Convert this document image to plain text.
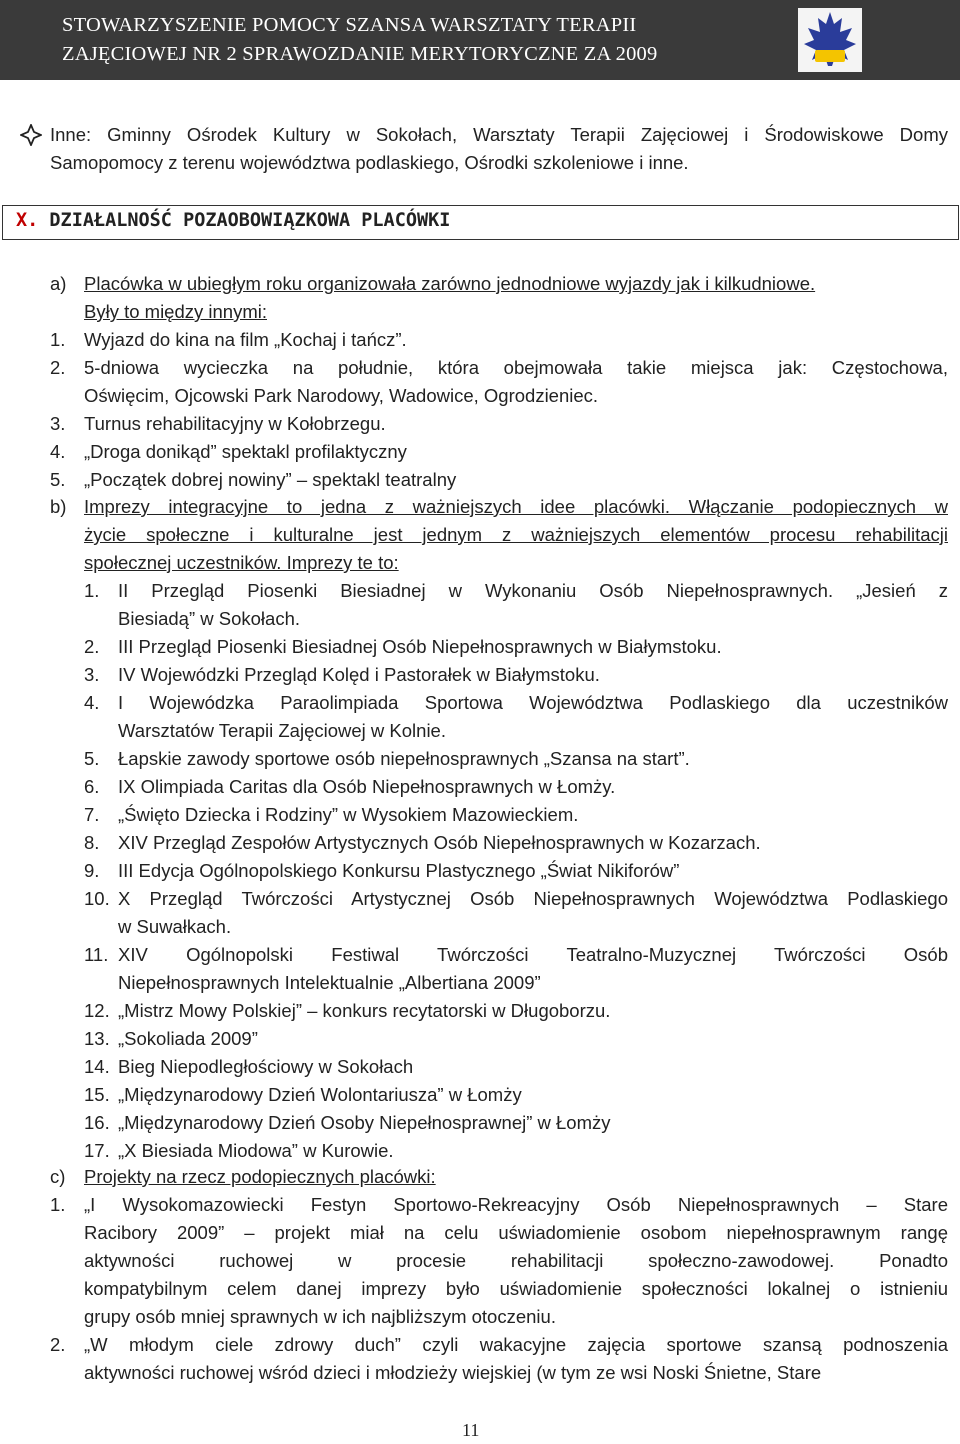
STOWARZYSZENIE POMOCY SZANSA WARSZTATY TERAPII
ZAJĘCIOWEJ NR 2 SPRAWOZDANIE MERYTORYCZNE ZA 2009
Inne: Gminny Ośrodek Kultury w Sokołach, Warsztaty Terapii Zajęciowej i Środowiskowe Domy
Samopomocy z terenu województwa podlaskiego, Ośrodki szkoleniowe i inne.
X. DZIAŁALNOŚĆ POZAOBOWIĄZKOWA PLACÓWKI
a) Placówka w ubiegłym roku organizowała zarówno jednodniowe wyjazdy jak i kilkudniowe.
Były to między innymi:
1. Wyjazd do kina na film „Kochaj i tańcz”.
2. 5-dniowa wycieczka na południe, która obejmowała takie miejsca jak: Częstochowa,
Oświęcim, Ojcowski Park Narodowy, Wadowice, Ogrodzieniec.
3. Turnus rehabilitacyjny w Kołobrzegu.
4. „Droga donikąd” spektakl profilaktyczny
5. „Początek dobrej nowiny” – spektakl teatralny
b) Imprezy integracyjne to jedna z ważniejszych idee placówki. Włączanie podopiecznych w
życie społeczne i kulturalne jest jednym z ważniejszych elementów procesu rehabilitacji
społecznej uczestników. Imprezy te to:
1. II Przegląd Piosenki Biesiadnej w Wykonaniu Osób Niepełnosprawnych. „Jesień z
Biesiadą” w Sokołach.
2. III Przegląd Piosenki Biesiadnej Osób Niepełnosprawnych w Białymstoku.
3. IV Wojewódzki Przegląd Kolęd i Pastorałek w Białymstoku.
4. I Wojewódzka Paraolimpiada Sportowa Województwa Podlaskiego dla uczestników
Warsztatów Terapii Zajęciowej w Kolnie.
5. Łapskie zawody sportowe osób niepełnosprawnych „Szansa na start”.
6. IX Olimpiada Caritas dla Osób Niepełnosprawnych w Łomży.
7. „Święto Dziecka i Rodziny” w Wysokiem Mazowieckiem.
8. XIV Przegląd Zespołów Artystycznych Osób Niepełnosprawnych w Kozarzach.
9. III Edycja Ogólnopolskiego Konkursu Plastycznego „Świat Nikiforów”
10. X Przegląd Twórczości Artystycznej Osób Niepełnosprawnych Województwa Podlaskiego
w Suwałkach.
11. XIV Ogólnopolski Festiwal Twórczości Teatralno-Muzycznej Twórczości Osób
Niepełnosprawnych Intelektualnie „Albertiana 2009”
12. „Mistrz Mowy Polskiej” – konkurs recytatorski w Długoborzu.
13. „Sokoliada 2009”
14. Bieg Niepodległościowy w Sokołach
15. „Międzynarodowy Dzień Wolontariusza” w Łomży
16. „Międzynarodowy Dzień Osoby Niepełnosprawnej” w Łomży
17. „X Biesiada Miodowa” w Kurowie.
c) Projekty na rzecz podopiecznych placówki:
1. „I Wysokomazowiecki Festyn Sportowo-Rekreacyjny Osób Niepełnosprawnych – Stare
Racibory 2009” – projekt miał na celu uświadomienie osobom niepełnosprawnym rangę
aktywności ruchowej w procesie rehabilitacji społeczno-zawodowej. Ponadto
kompatybilnym celem danej imprezy było uświadomienie społeczności lokalnej o istnieniu
grupy osób mniej sprawnych w ich najbliższym otoczeniu.
2. „W młodym ciele zdrowy duch” czyli wakacyjne zajęcia sportowe szansą podnoszenia
aktywności ruchowej wśród dzieci i młodzieży wiejskiej (w tym ze wsi Noski Śnietne, Stare
11
